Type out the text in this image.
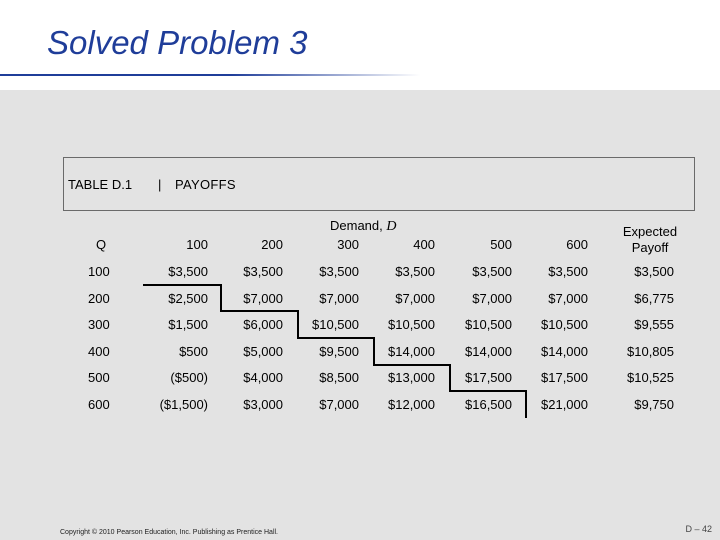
Solved Problem 3
TABLE D.1 | PAYOFFS
Demand, D
Q	100	200	300	400	500	600
Expected
Payoff
100	$3,500	$3,500	$3,500	$3,500	$3,500	$3,500	$3,500
200	$2,500	$7,000	$7,000	$7,000	$7,000	$7,000	$6,775
300	$1,500	$6,000	$10,500	$10,500	$10,500	$10,500	$9,555
400	$500	$5,000	$9,500	$14,000	$14,000	$14,000	$10,805
500	($500)	$4,000	$8,500	$13,000	$17,500	$17,500	$10,525
600	($1,500)	$3,000	$7,000	$12,000	$16,500	$21,000	$9,750
Copyright © 2010 Pearson Education, Inc. Publishing as Prentice Hall.	D – 42
